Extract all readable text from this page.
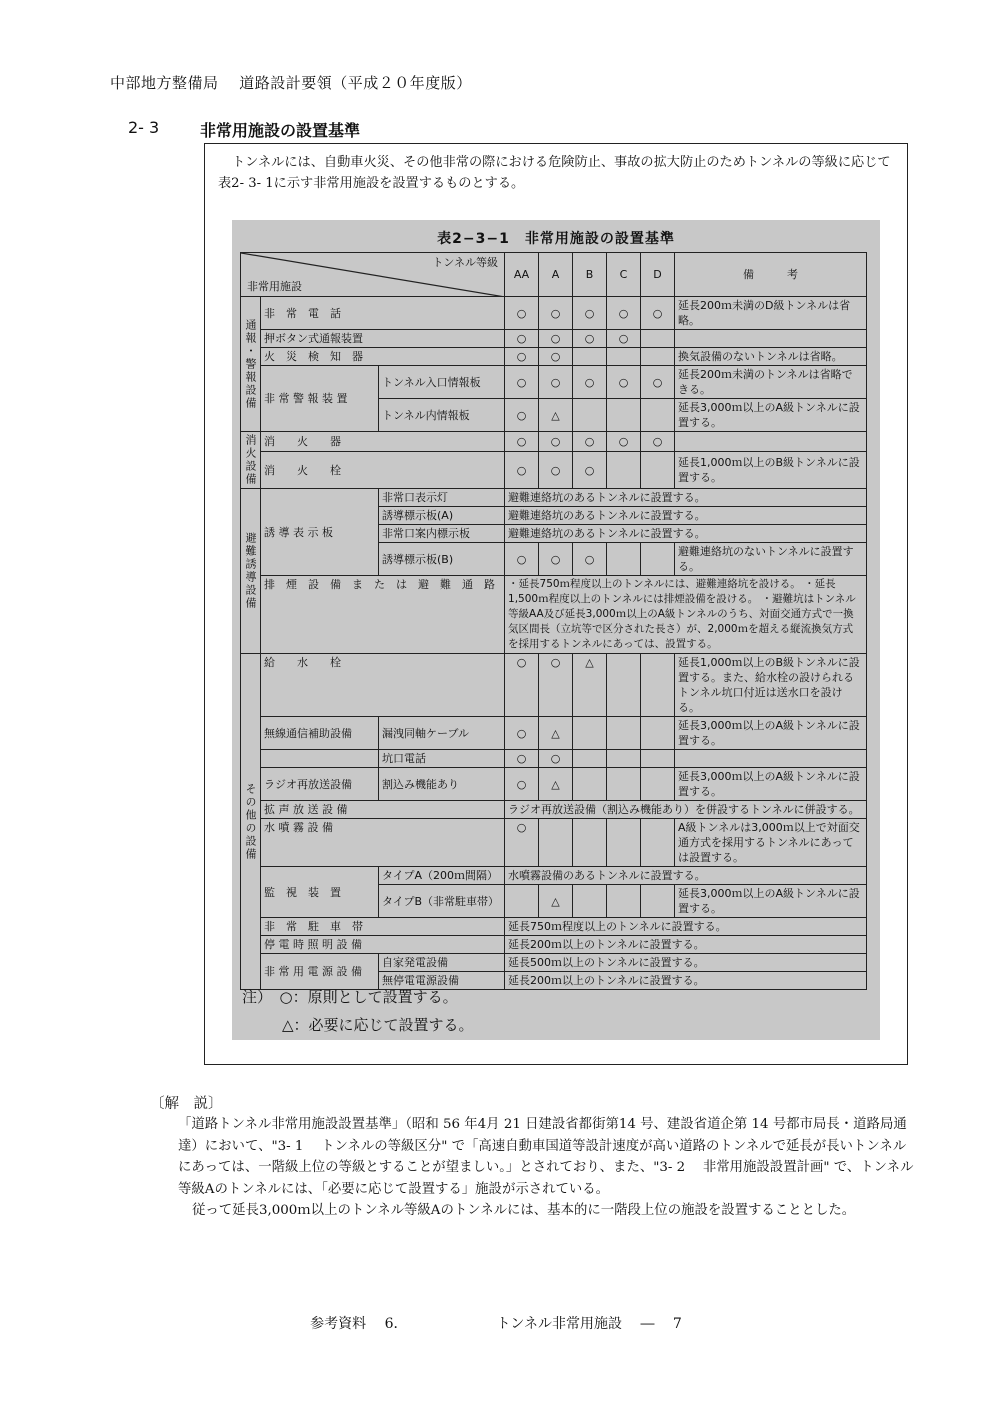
中部地方整備局　 道路設計要領（平成２０年度版）
2- 3	非常用施設の設置基準

トンネルには、自動車火災、その他非常の際における危険防止、事故の拡大防止のためトンネルの等級に応じて表2- 3- 1に示す非常用施設を設置するものとする。

表2−3−1　非常用施設の設置基準
トンネル等級
非常用施設			AA	A	B	C	D	備　　　考
通報・警報設備	非　常　電　話		○	○	○	○	○	延長200ｍ未満のD級トンネルは省略。
	押ボタン式通報装置		○	○	○	○		
	火　災　検　知　器		○	○				換気設備のないトンネルは省略。
	非 常 警 報 装 置	トンネル入口情報板	○	○	○	○	○	延長200ｍ未満のトンネルは省略できる。
		トンネル内情報板	○	△				延長3,000ｍ以上のA級トンネルに設置する。
消火設備	消　　火　　器		○	○	○	○	○	
	消　　火　　栓		○	○	○			延長1,000ｍ以上のB級トンネルに設置する。
避難誘導設備	誘 導 表 示 板	非常口表示灯	避難連絡坑のあるトンネルに設置する。					
		誘導標示板(A)	避難連絡坑のあるトンネルに設置する。					
		非常口案内標示板	避難連絡坑のあるトンネルに設置する。					
		誘導標示板(B)	○	○	○			避難連絡坑のないトンネルに設置する。
	排　煙　設　備　ま　た　は　避　難　通　路		・延長750ｍ程度以上のトンネルには、避難連絡坑を設ける。 ・延長1,500ｍ程度以上のトンネルには排煙設備を設ける。 ・避難坑はトンネル等級AA及び延長3,000ｍ以上のA級トンネルのうち、対面交通方式で一換気区間長（立坑等で区分された長さ）が、2,000ｍを超える縦流換気方式を採用するトンネルにあっては、設置する。					
その他の設備	給　　水　　栓		○	○	△			延長1,000ｍ以上のB級トンネルに設置する。また、給水栓の設けられるトンネル坑口付近は送水口を設ける。
	無線通信補助設備	漏洩同軸ケーブル	○	△				延長3,000ｍ以上のA級トンネルに設置する。
		坑口電話	○	○				
	ラジオ再放送設備	割込み機能あり	○	△				延長3,000ｍ以上のA級トンネルに設置する。
	拡 声 放 送 設 備		ラジオ再放送設備（割込み機能あり）を併設するトンネルに併設する。					
	水 噴 霧 設 備		○					A級トンネルは3,000ｍ以上で対面交通方式を採用するトンネルにあっては設置する。
	監　視　装　置	タイプA（200ｍ間隔）	水噴霧設備のあるトンネルに設置する。					
		タイプB（非常駐車帯）		△				延長3,000ｍ以上のA級トンネルに設置する。
	非　常　駐　車　帯		延長750ｍ程度以上のトンネルに設置する。					
	停 電 時 照 明 設 備		延長200ｍ以上のトンネルに設置する。					
	非 常 用 電 源 設 備	自家発電設備	延長500ｍ以上のトンネルに設置する。					
		無停電電源設備	延長200ｍ以上のトンネルに設置する。					
注）　○：原則として設置する。
△：必要に応じて設置する。
〔解　説〕

「道路トンネル非常用施設設置基準」（昭和 56 年4月 21 日建設省都街第14 号、建設省道企第 14 号都市局長・道路局通達）において、"3- 1　 トンネルの等級区分" で「高速自動車国道等設計速度が高い道路のトンネルで延長が長いトンネルにあっては、一階級上位の等級とすることが望ましい。」とされており、また、"3- 2　 非常用施設設置計画" で、トンネル等級Aのトンネルには、「必要に応じて設置する」施設が示されている。

従って延長3,000ｍ以上のトンネル等級Aのトンネルには、基本的に一階段上位の施設を設置することとした。

参考資料　 6．	トンネル非常用施設　 ―　 7
